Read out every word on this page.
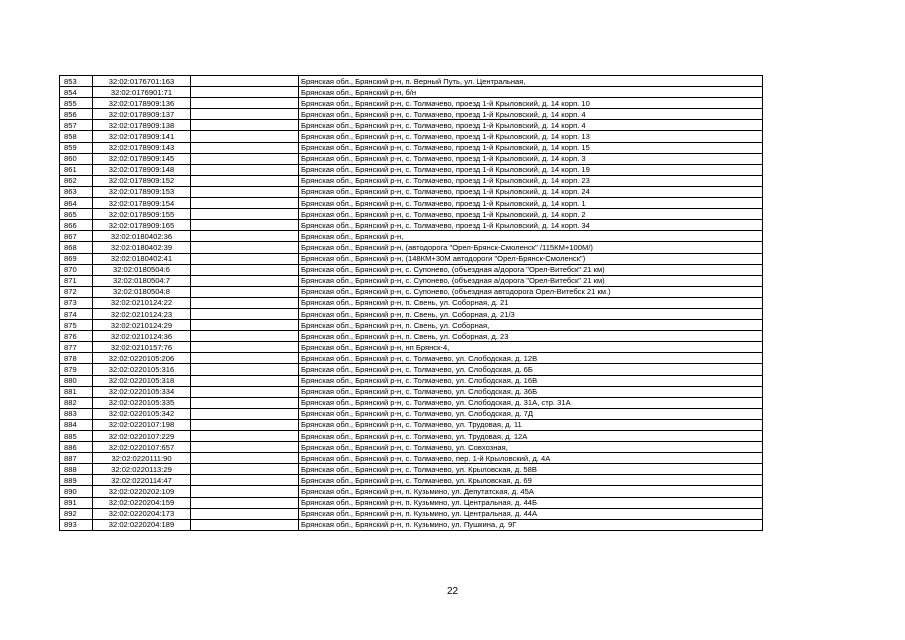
853	32:02:0176701:163		Брянская обл., Брянский р-н, п. Верный Путь, ул. Центральная,
854	32:02:0176901:71		Брянская обл., Брянский р-н, б/н
855	32:02:0178909:136		Брянская обл., Брянский р-н, с. Толмачево, проезд 1-й Крыловский, д. 14 корп. 10
856	32:02:0178909:137		Брянская обл., Брянский р-н, с. Толмачево, проезд 1-й Крыловский, д. 14 корп. 4
857	32:02:0178909:138		Брянская обл., Брянский р-н, с. Толмачево, проезд 1-й Крыловский, д. 14 корп. 4
858	32:02:0178909:141		Брянская обл., Брянский р-н, с. Толмачево, проезд 1-й Крыловский, д. 14 корп. 13
859	32:02:0178909:143		Брянская обл., Брянский р-н, с. Толмачево, проезд 1-й Крыловский, д. 14 корп. 15
860	32:02:0178909:145		Брянская обл., Брянский р-н, с. Толмачево, проезд 1-й Крыловский, д. 14 корп. 3
861	32:02:0178909:148		Брянская обл., Брянский р-н, с. Толмачево, проезд 1-й Крыловский, д. 14 корп. 19
862	32:02:0178909:152		Брянская обл., Брянский р-н, с. Толмачево, проезд 1-й Крыловский, д. 14 корп. 23
863	32:02:0178909:153		Брянская обл., Брянский р-н, с. Толмачево, проезд 1-й Крыловский, д. 14 корп. 24
864	32:02:0178909:154		Брянская обл., Брянский р-н, с. Толмачево, проезд 1-й Крыловский, д. 14 корп. 1
865	32:02:0178909:155		Брянская обл., Брянский р-н, с. Толмачево, проезд 1-й Крыловский, д. 14 корп. 2
866	32:02:0178909:165		Брянская обл., Брянский р-н, с. Толмачево, проезд 1-й Крыловский, д. 14 корп. 34
867	32:02:0180402:36		Брянская обл., Брянский р-н,
868	32:02:0180402:39		Брянская обл., Брянский р-н, (автодорога "Орел-Брянск-Смоленск" /115КМ+100М/)
869	32:02:0180402:41		Брянская обл., Брянский р-н, (148КМ+30М автодороги "Орел-Брянск-Смоленск")
870	32:02:0180504:6		Брянская обл., Брянский р-н, с. Супонево, (объездная а/дорога "Орел-Витебск" 21 км)
871	32:02:0180504:7		Брянская обл., Брянский р-н, с. Супонево, (объездная а/дорога "Орел-Витебск" 21 км)
872	32:02:0180504:8		Брянская обл., Брянский р-н, с. Супонево, (объездная автодорога Орел-Витебск 21 км.)
873	32:02:0210124:22		Брянская обл., Брянский р-н, п. Свень, ул. Соборная, д. 21
874	32:02:0210124:23		Брянская обл., Брянский р-н, п. Свень, ул. Соборная, д. 21/3
875	32:02:0210124:29		Брянская обл., Брянский р-н, п. Свень, ул. Соборная,
876	32:02:0210124:36		Брянская обл., Брянский р-н, п. Свень, ул. Соборная, д. 23
877	32:02:0210157:76		Брянская обл., Брянский р-н, нп Брянск-4,
878	32:02:0220105:206		Брянская обл., Брянский р-н, с. Толмачево, ул. Слободская, д. 12В
879	32:02:0220105:316		Брянская обл., Брянский р-н, с. Толмачево, ул. Слободская, д. 6Б
880	32:02:0220105:318		Брянская обл., Брянский р-н, с. Толмачево, ул. Слободская, д. 16В
881	32:02:0220105:334		Брянская обл., Брянский р-н, с. Толмачево, ул. Слободская, д. 36Б
882	32:02:0220105:335		Брянская обл., Брянский р-н, с. Толмачево, ул. Слободская, д. 31А, стр. 31А
883	32:02:0220105:342		Брянская обл., Брянский р-н, с. Толмачево, ул. Слободская, д. 7Д
884	32:02:0220107:198		Брянская обл., Брянский р-н, с. Толмачево, ул. Трудовая, д. 11
885	32:02:0220107:229		Брянская обл., Брянский р-н, с. Толмачево, ул. Трудовая, д. 12А
886	32:02:0220107:657		Брянская обл., Брянский р-н, с. Толмачево, ул. Совхозная,
887	32:02:0220111:90		Брянская обл., Брянский р-н, с. Толмачево, пер. 1-й Крыловский, д. 4А
888	32:02:0220113:29		Брянская обл., Брянский р-н, с. Толмачево, ул. Крыловская, д. 58В
889	32:02:0220114:47		Брянская обл., Брянский р-н, с. Толмачево, ул. Крыловская, д. 69
890	32:02:0220202:109		Брянская обл., Брянский р-н, п. Кузьмино, ул. Депутатская, д. 45А
891	32:02:0220204:159		Брянская обл., Брянский р-н, п. Кузьмино, ул. Центральная, д. 44Б
892	32:02:0220204:173		Брянская обл., Брянский р-н, п. Кузьмино, ул. Центральная, д. 44А
893	32:02:0220204:189		Брянская обл., Брянский р-н, п. Кузьмино, ул. Пушкина, д. 9Г
22
